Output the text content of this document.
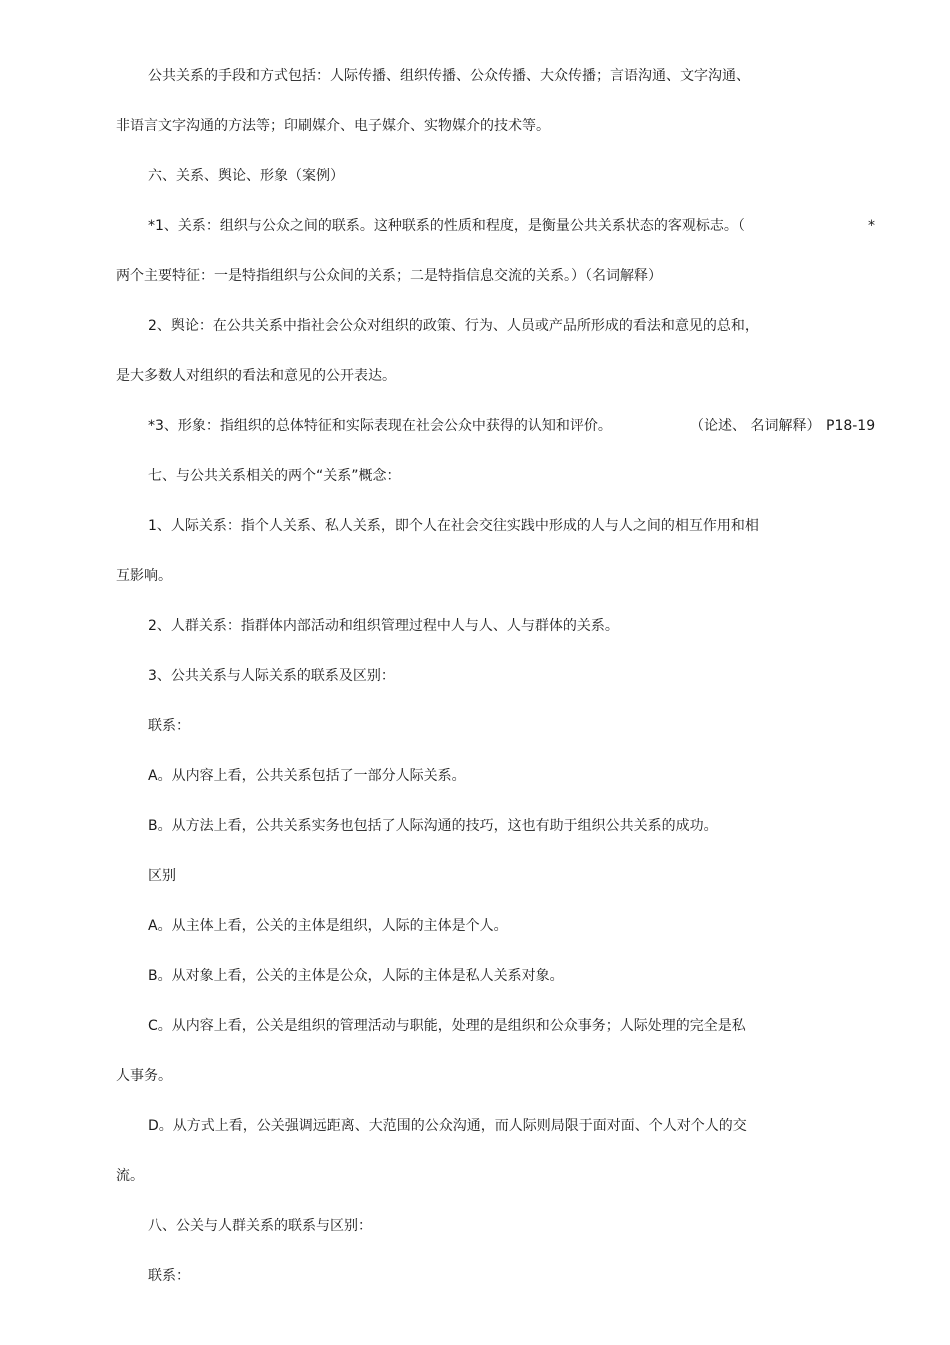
公共关系的手段和方式包括：人际传播、组织传播、公众传播、大众传播；言语沟通、文字沟通、
非语言文字沟通的方法等；印刷媒介、电子媒介、实物媒介的技术等。
六、关系、舆论、形象（案例）
*1、关系：组织与公众之间的联系。这种联系的性质和程度，是衡量公共关系状态的客观标志。（	*
两个主要特征：一是特指组织与公众间的关系；二是特指信息交流的关系。）（名词解释）
2、舆论：在公共关系中指社会公众对组织的政策、行为、人员或产品所形成的看法和意见的总和，
是大多数人对组织的看法和意见的公开表达。
*3、形象：指组织的总体特征和实际表现在社会公众中获得的认知和评价。	（论述、 名词解释） P18-19
七、与公共关系相关的两个“关系”概念：
1、人际关系：指个人关系、私人关系，即个人在社会交往实践中形成的人与人之间的相互作用和相
互影响。
2、人群关系：指群体内部活动和组织管理过程中人与人、人与群体的关系。
3、公共关系与人际关系的联系及区别：
联系：
A。从内容上看，公共关系包括了一部分人际关系。
B。从方法上看，公共关系实务也包括了人际沟通的技巧，这也有助于组织公共关系的成功。
区别
A。从主体上看，公关的主体是组织，人际的主体是个人。
B。从对象上看，公关的主体是公众，人际的主体是私人关系对象。
C。从内容上看，公关是组织的管理活动与职能，处理的是组织和公众事务；人际处理的完全是私
人事务。
D。从方式上看，公关强调远距离、大范围的公众沟通，而人际则局限于面对面、个人对个人的交
流。
八、公关与人群关系的联系与区别：
联系：
